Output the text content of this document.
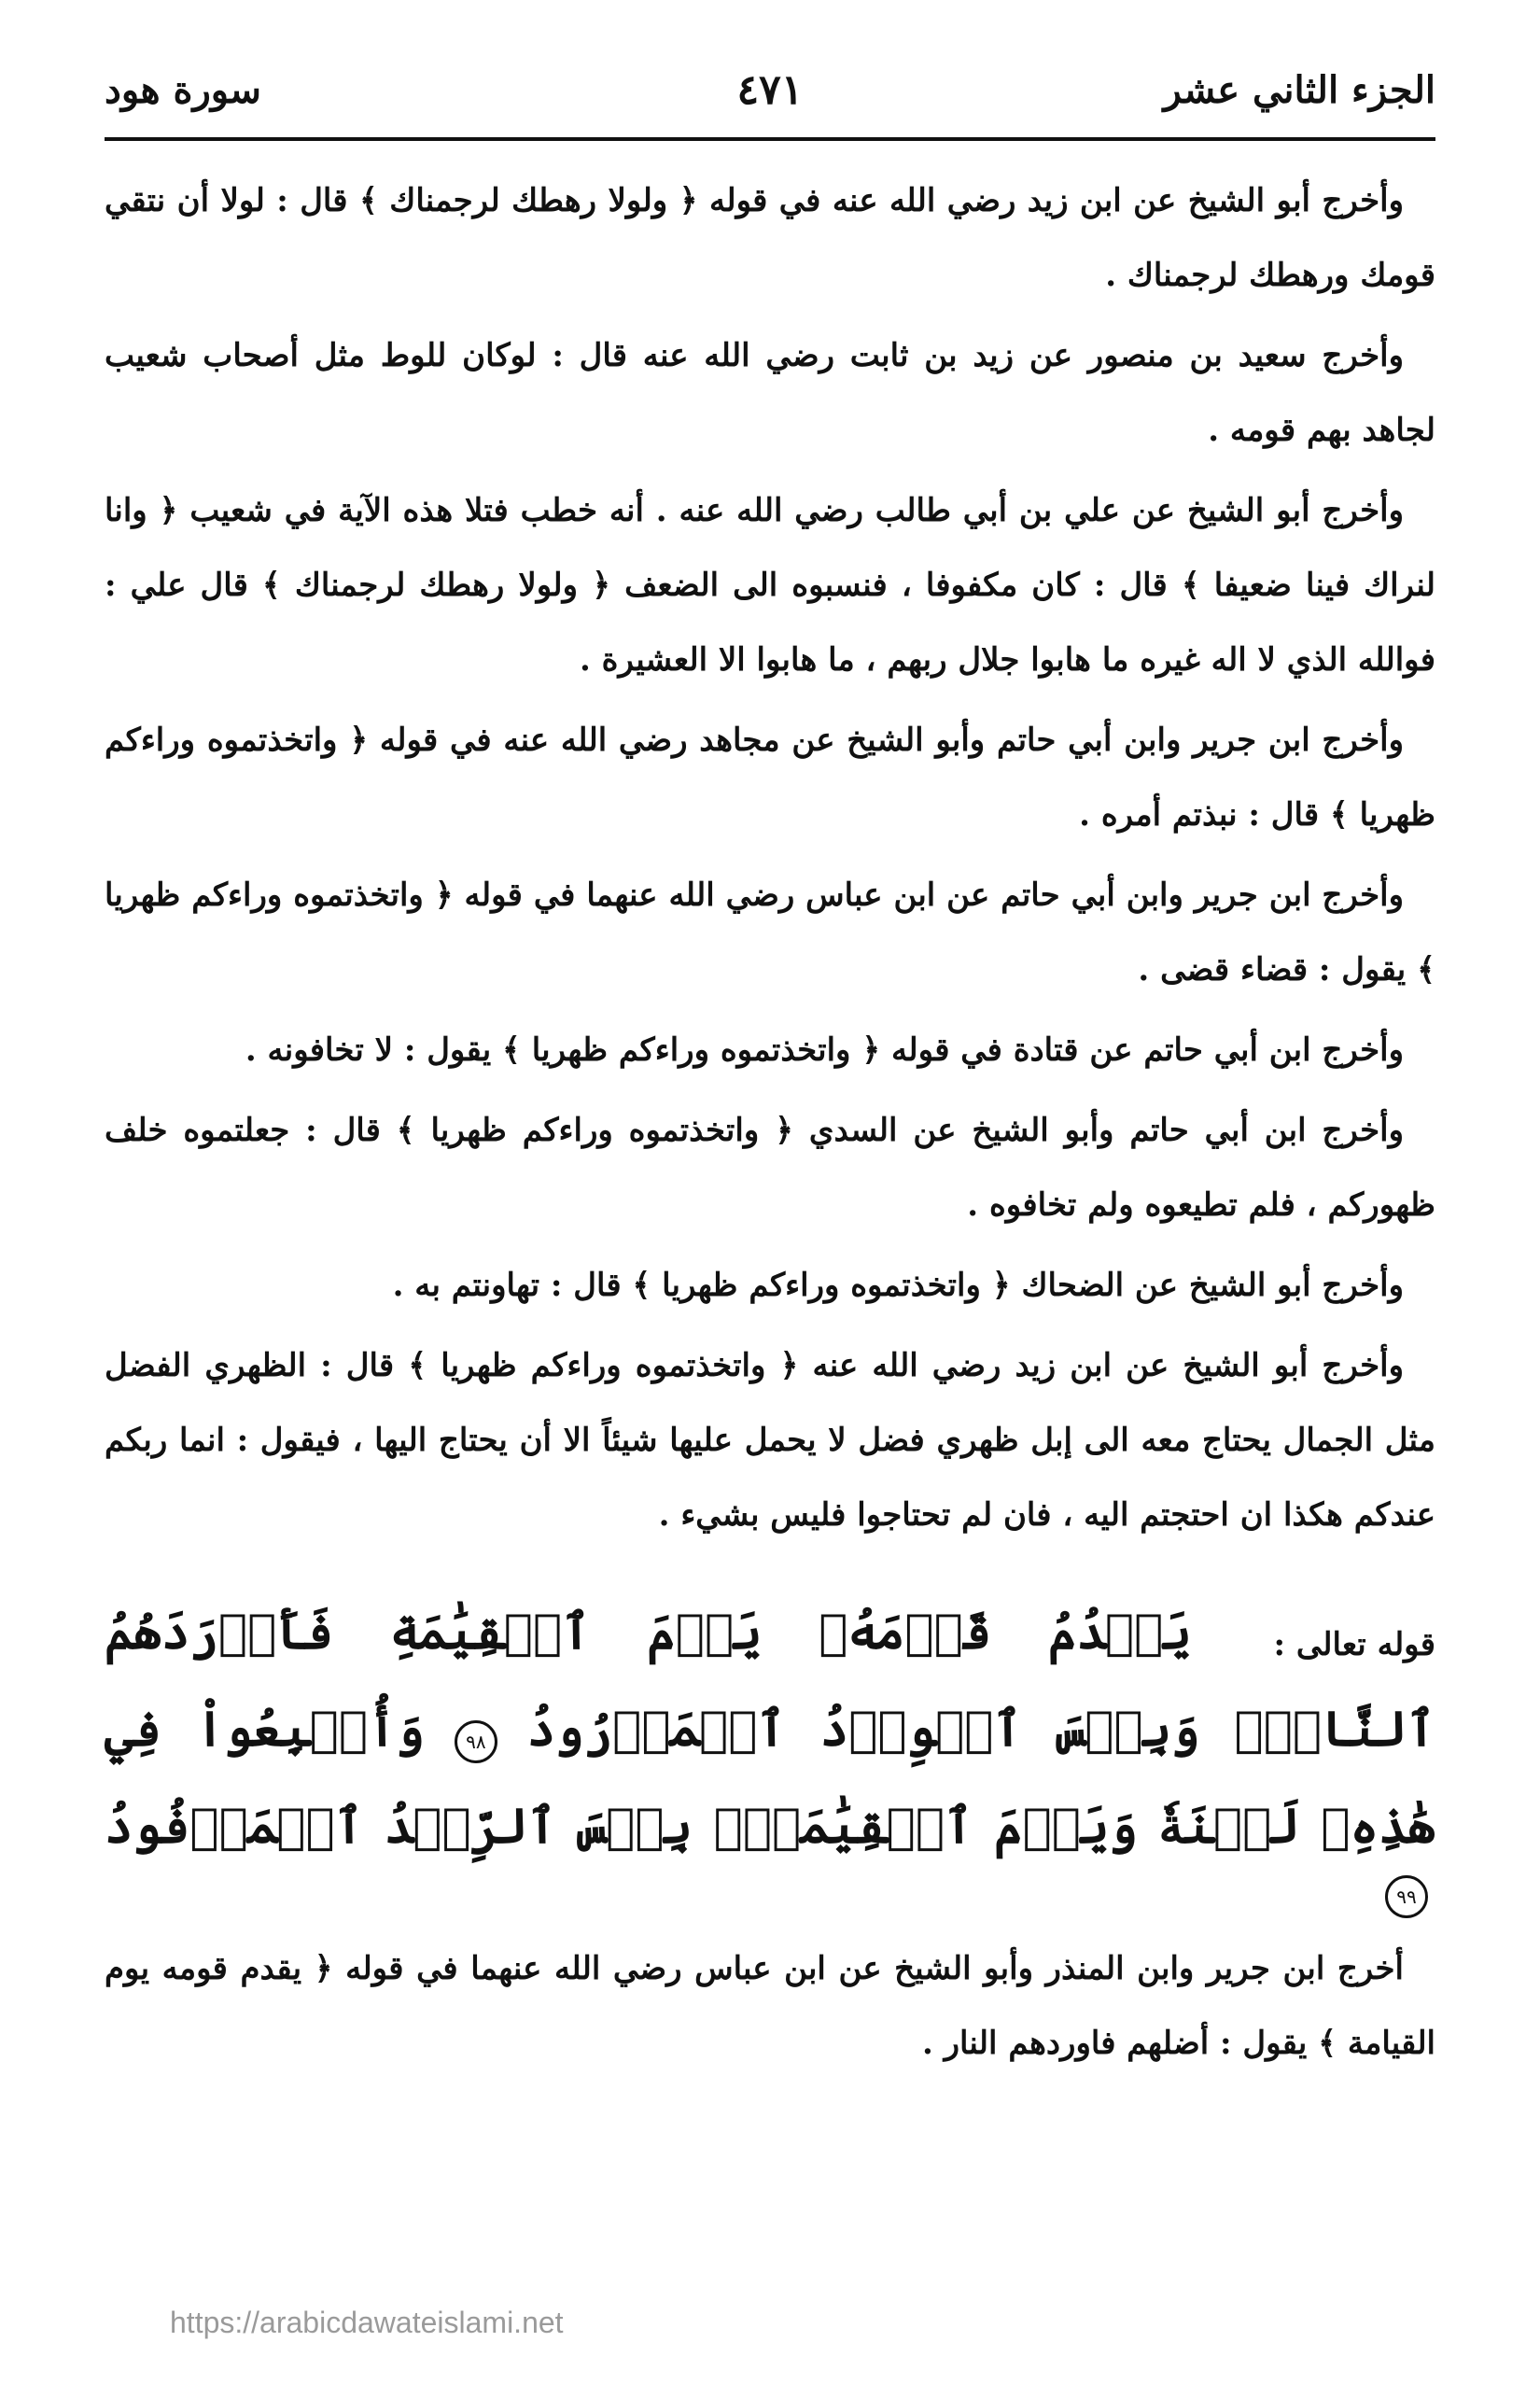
الجزء الثاني عشر
٤٧١
سورة هود

وأخرج أبو الشيخ عن ابن زيد رضي الله عنه في قوله ﴿ ولولا رهطك لرجمناك ﴾ قال : لولا أن نتقي قومك ورهطك لرجمناك .

وأخرج سعيد بن منصور عن زيد بن ثابت رضي الله عنه قال : لوكان للوط مثل أصحاب شعيب لجاهد بهم قومه .

وأخرج أبو الشيخ عن علي بن أبي طالب رضي الله عنه . أنه خطب فتلا هذه الآية في شعيب ﴿ وانا لنراك فينا ضعيفا ﴾ قال : كان مكفوفا ، فنسبوه الى الضعف ﴿ ولولا رهطك لرجمناك ﴾ قال علي : فوالله الذي لا اله غيره ما هابوا جلال ربهم ، ما هابوا الا العشيرة .

وأخرج ابن جرير وابن أبي حاتم وأبو الشيخ عن مجاهد رضي الله عنه في قوله ﴿ واتخذتموه وراءكم ظهريا ﴾ قال : نبذتم أمره .

وأخرج ابن جرير وابن أبي حاتم عن ابن عباس رضي الله عنهما في قوله ﴿ واتخذتموه وراءكم ظهريا ﴾ يقول : قضاء قضى .

وأخرج ابن أبي حاتم عن قتادة في قوله ﴿ واتخذتموه وراءكم ظهريا ﴾ يقول : لا تخافونه .

وأخرج ابن أبي حاتم وأبو الشيخ عن السدي ﴿ واتخذتموه وراءكم ظهريا ﴾ قال : جعلتموه خلف ظهوركم ، فلم تطيعوه ولم تخافوه .

وأخرج أبو الشيخ عن الضحاك ﴿ واتخذتموه وراءكم ظهريا ﴾ قال : تهاونتم به .

وأخرج أبو الشيخ عن ابن زيد رضي الله عنه ﴿ واتخذتموه وراءكم ظهريا ﴾ قال : الظهري الفضل مثل الجمال يحتاج معه الى إبل ظهري فضل لا يحمل عليها شيئاً الا أن يحتاج اليها ، فيقول : انما ربكم عندكم هكذا ان احتجتم اليه ، فان لم تحتاجوا فليس بشيء .

قوله تعالى : يَقۡدُمُ قَوۡمَهُۥ يَوۡمَ ٱلۡقِيَٰمَةِ فَأَوۡرَدَهُمُ ٱلنَّارَۖ وَبِئۡسَ ٱلۡوِرۡدُ ٱلۡمَوۡرُودُ ٩٨ وَأُتۡبِعُواْ فِي هَٰذِهِۦ لَعۡنَةٗ وَيَوۡمَ ٱلۡقِيَٰمَةِۚ بِئۡسَ ٱلرِّفۡدُ ٱلۡمَرۡفُودُ ٩٩

أخرج ابن جرير وابن المنذر وأبو الشيخ عن ابن عباس رضي الله عنهما في قوله ﴿ يقدم قومه يوم القيامة ﴾ يقول : أضلهم فاوردهم النار .

https://arabicdawateislami.net
